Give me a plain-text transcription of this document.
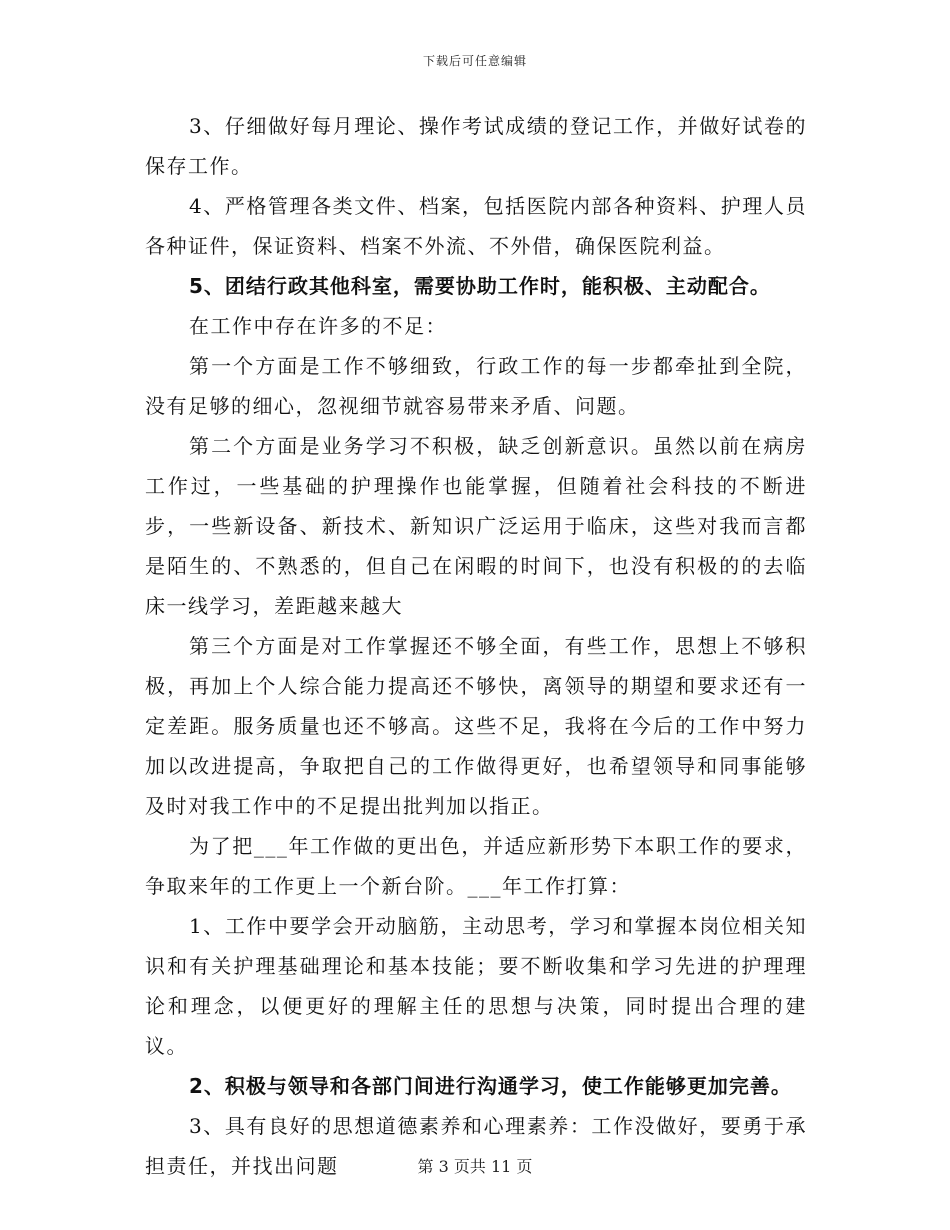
下载后可任意编辑

3、仔细做好每月理论、操作考试成绩的登记工作，并做好试卷的保存工作。

4、严格管理各类文件、档案，包括医院内部各种资料、护理人员各种证件，保证资料、档案不外流、不外借，确保医院利益。

5、团结行政其他科室，需要协助工作时，能积极、主动配合。

在工作中存在许多的不足：

第一个方面是工作不够细致，行政工作的每一步都牵扯到全院，没有足够的细心，忽视细节就容易带来矛盾、问题。

第二个方面是业务学习不积极，缺乏创新意识。虽然以前在病房工作过，一些基础的护理操作也能掌握，但随着社会科技的不断进步，一些新设备、新技术、新知识广泛运用于临床，这些对我而言都是陌生的、不熟悉的，但自己在闲暇的时间下，也没有积极的的去临床一线学习，差距越来越大

第三个方面是对工作掌握还不够全面，有些工作，思想上不够积极，再加上个人综合能力提高还不够快，离领导的期望和要求还有一定差距。服务质量也还不够高。这些不足，我将在今后的工作中努力加以改进提高，争取把自己的工作做得更好，也希望领导和同事能够及时对我工作中的不足提出批判加以指正。

为了把___年工作做的更出色，并适应新形势下本职工作的要求，争取来年的工作更上一个新台阶。___年工作打算：

1、工作中要学会开动脑筋，主动思考，学习和掌握本岗位相关知识和有关护理基础理论和基本技能；要不断收集和学习先进的护理理论和理念，以便更好的理解主任的思想与决策，同时提出合理的建议。

2、积极与领导和各部门间进行沟通学习，使工作能够更加完善。

3、具有良好的思想道德素养和心理素养：工作没做好，要勇于承担责任，并找出问题	第 3 页共 11 页
